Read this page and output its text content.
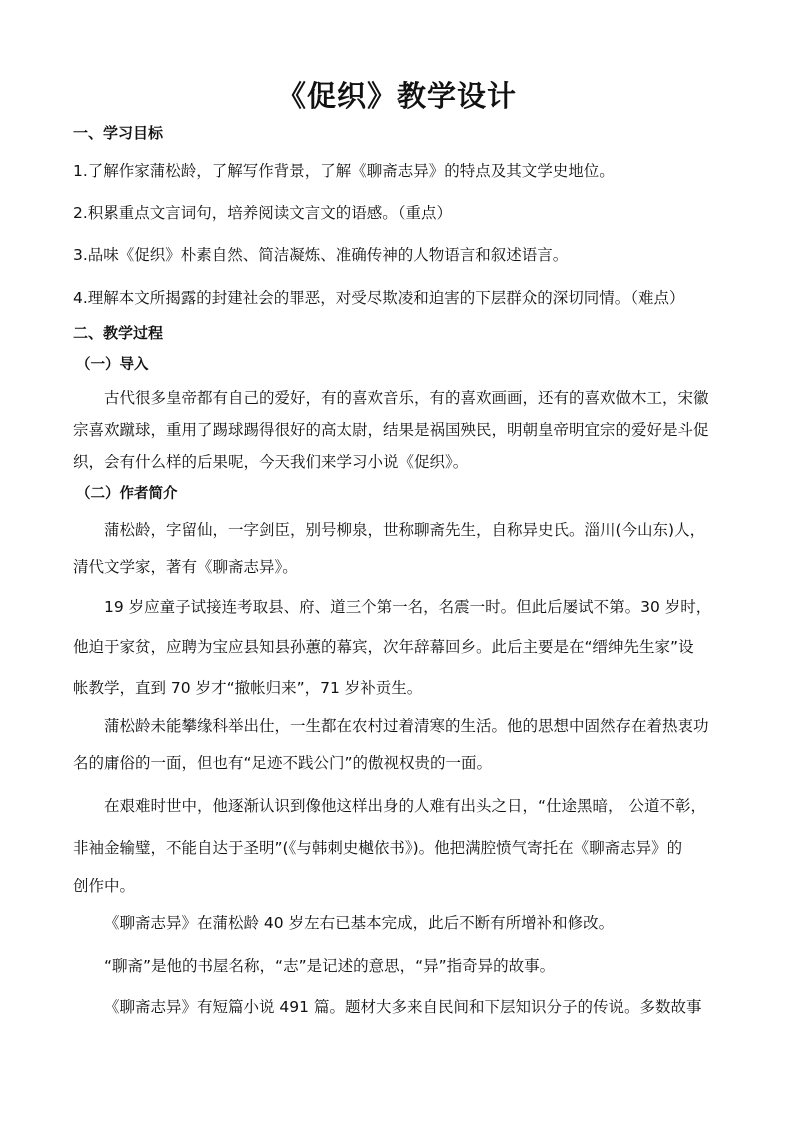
《促织》教学设计
一、学习目标
1.了解作家蒲松龄，了解写作背景，了解《聊斋志异》的特点及其文学史地位。
2.积累重点文言词句，培养阅读文言文的语感。（重点）
3.品味《促织》朴素自然、简洁凝炼、准确传神的人物语言和叙述语言。
4.理解本文所揭露的封建社会的罪恶，对受尽欺凌和迫害的下层群众的深切同情。（难点）
二、教学过程
（一）导入
古代很多皇帝都有自己的爱好，有的喜欢音乐，有的喜欢画画，还有的喜欢做木工，宋徽
宗喜欢蹴球，重用了踢球踢得很好的高太尉，结果是祸国殃民，明朝皇帝明宜宗的爱好是斗促
织，会有什么样的后果呢，今天我们来学习小说《促织》。
（二）作者简介
蒲松龄，字留仙，一字剑臣，别号柳泉，世称聊斋先生，自称异史氏。淄川(今山东)人，
清代文学家，著有《聊斋志异》。
19 岁应童子试接连考取县、府、道三个第一名，名震一时。但此后屡试不第。30 岁时，
他迫于家贫，应聘为宝应县知县孙蕙的幕宾，次年辞幕回乡。此后主要是在“缙绅先生家”设
帐教学，直到 70 岁才“撤帐归来”，71 岁补贡生。
蒲松龄未能攀缘科举出仕，一生都在农村过着清寒的生活。他的思想中固然存在着热衷功
名的庸俗的一面，但也有“足迹不践公门”的傲视权贵的一面。
在艰难时世中，他逐渐认识到像他这样出身的人难有出头之日，“仕途黑暗， 公道不彰，
非袖金输璧，不能自达于圣明”(《与韩刺史樾依书》)。他把满腔愤气寄托在《聊斋志异》的
创作中。
《聊斋志异》在蒲松龄 40 岁左右已基本完成，此后不断有所增补和修改。
“聊斋”是他的书屋名称，“志”是记述的意思，“异”指奇异的故事。
《聊斋志异》有短篇小说 491 篇。题材大多来自民间和下层知识分子的传说。多数故事
